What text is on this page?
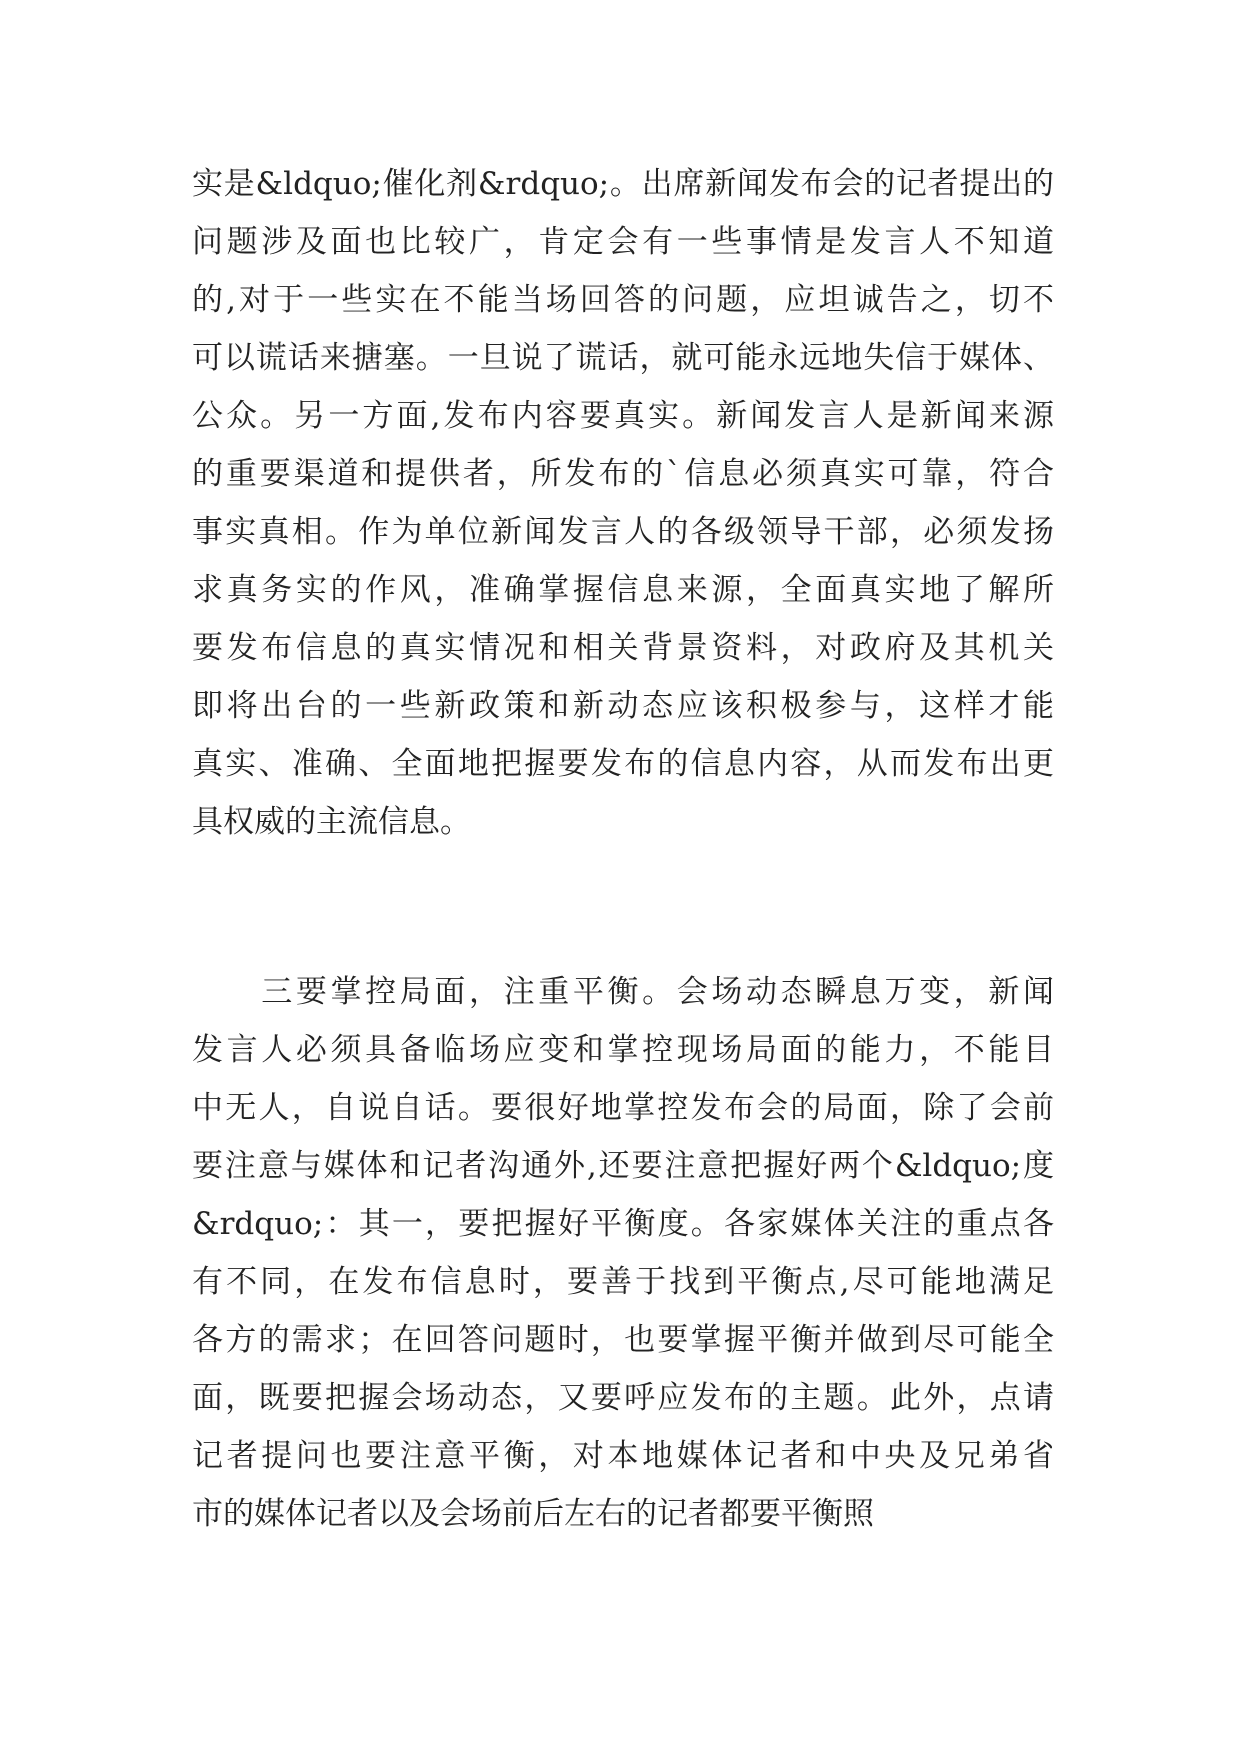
实是&ldquo;催化剂&rdquo;。出席新闻发布会的记者提出的
问题涉及面也比较广，肯定会有一些事情是发言人不知道
的,对于一些实在不能当场回答的问题，应坦诚告之，切不
可以谎话来搪塞。一旦说了谎话，就可能永远地失信于媒体、
公众。另一方面,发布内容要真实。新闻发言人是新闻来源
的重要渠道和提供者，所发布的`信息必须真实可靠，符合
事实真相。作为单位新闻发言人的各级领导干部，必须发扬
求真务实的作风，准确掌握信息来源，全面真实地了解所
要发布信息的真实情况和相关背景资料，对政府及其机关
即将出台的一些新政策和新动态应该积极参与，这样才能
真实、准确、全面地把握要发布的信息内容，从而发布出更
具权威的主流信息。
　　三要掌控局面，注重平衡。会场动态瞬息万变，新闻
发言人必须具备临场应变和掌控现场局面的能力，不能目
中无人，自说自话。要很好地掌控发布会的局面，除了会前
要注意与媒体和记者沟通外,还要注意把握好两个&ldquo;度
&rdquo;：其一，要把握好平衡度。各家媒体关注的重点各
有不同，在发布信息时，要善于找到平衡点,尽可能地满足
各方的需求；在回答问题时，也要掌握平衡并做到尽可能全
面，既要把握会场动态，又要呼应发布的主题。此外，点请
记者提问也要注意平衡，对本地媒体记者和中央及兄弟省
市的媒体记者以及会场前后左右的记者都要平衡照
